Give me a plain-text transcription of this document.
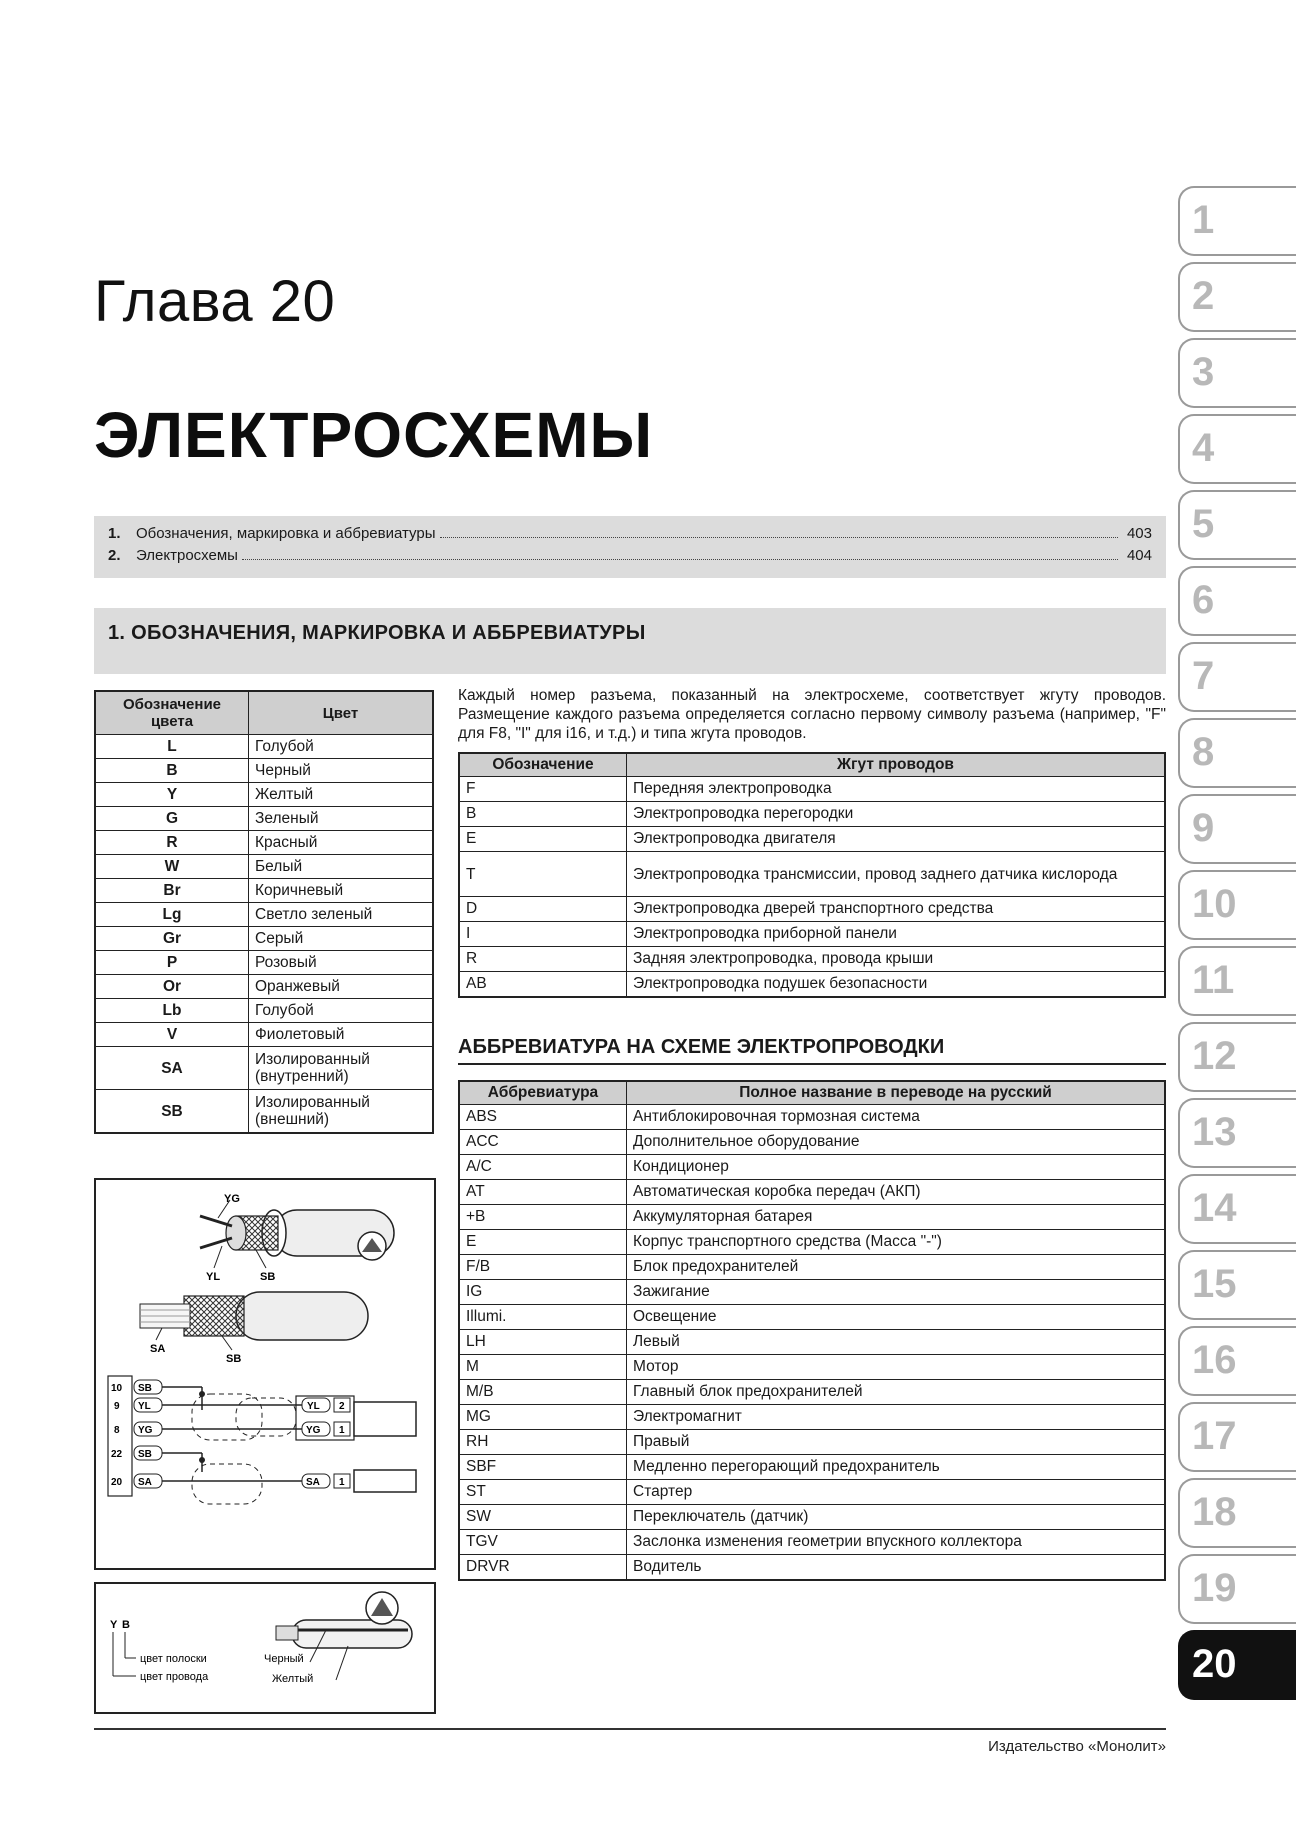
Глава 20
ЭЛЕКТРОСХЕМЫ
1.	Обозначения, маркировка и аббревиатуры	403
2.	Электросхемы	404
1. ОБОЗНАЧЕНИЯ, МАРКИРОВКА И АББРЕВИАТУРЫ
Обозначение цвета	Цвет
L	Голубой
B	Черный
Y	Желтый
G	Зеленый
R	Красный
W	Белый
Br	Коричневый
Lg	Светло зеленый
Gr	Серый
P	Розовый
Or	Оранжевый
Lb	Голубой
V	Фиолетовый
SA	Изолированный (внутренний)
SB	Изолированный (внешний)
Каждый номер разъема, показанный на электросхеме, соответствует жгуту проводов. Размещение каждого разъема определяется согласно первому символу разъема (например, "F" для F8, "I" для i16, и т.д.) и типа жгута проводов.
Обозначение	Жгут проводов
F	Передняя электропроводка
B	Электропроводка перегородки
E	Электропроводка двигателя
T	Электропроводка трансмиссии, провод заднего датчика кислорода
D	Электропроводка дверей транспортного средства
I	Электропроводка приборной панели
R	Задняя электропроводка, провода крыши
AB	Электропроводка подушек безопасности
АББРЕВИАТУРА НА СХЕМЕ ЭЛЕКТРОПРОВОДКИ
Аббревиатура	Полное название в переводе на русский
ABS	Антиблокировочная тормозная система
ACC	Дополнительное оборудование
A/C	Кондиционер
AT	Автоматическая коробка передач (АКП)
+B	Аккумуляторная батарея
E	Корпус транспортного средства (Масса "-")
F/B	Блок предохранителей
IG	Зажигание
Illumi.	Освещение
LH	Левый
M	Мотор
M/B	Главный блок предохранителей
MG	Электромагнит
RH	Правый
SBF	Медленно перегорающий предохранитель
ST	Стартер
SW	Переключатель (датчик)
TGV	Заслонка изменения геометрии впускного коллектора
DRVR	Водитель
YG
YL	SB
SA
SB
10 SB
9 YL
8 YG
22 SB
20 SA
YL 2
YG 1
SA 1
Y B
цвет полоски
цвет провода
Черный
Желтый
Издательство «Монолит»
1
2
3
4
5
6
7
8
9
10
11
12
13
14
15
16
17
18
19
20
